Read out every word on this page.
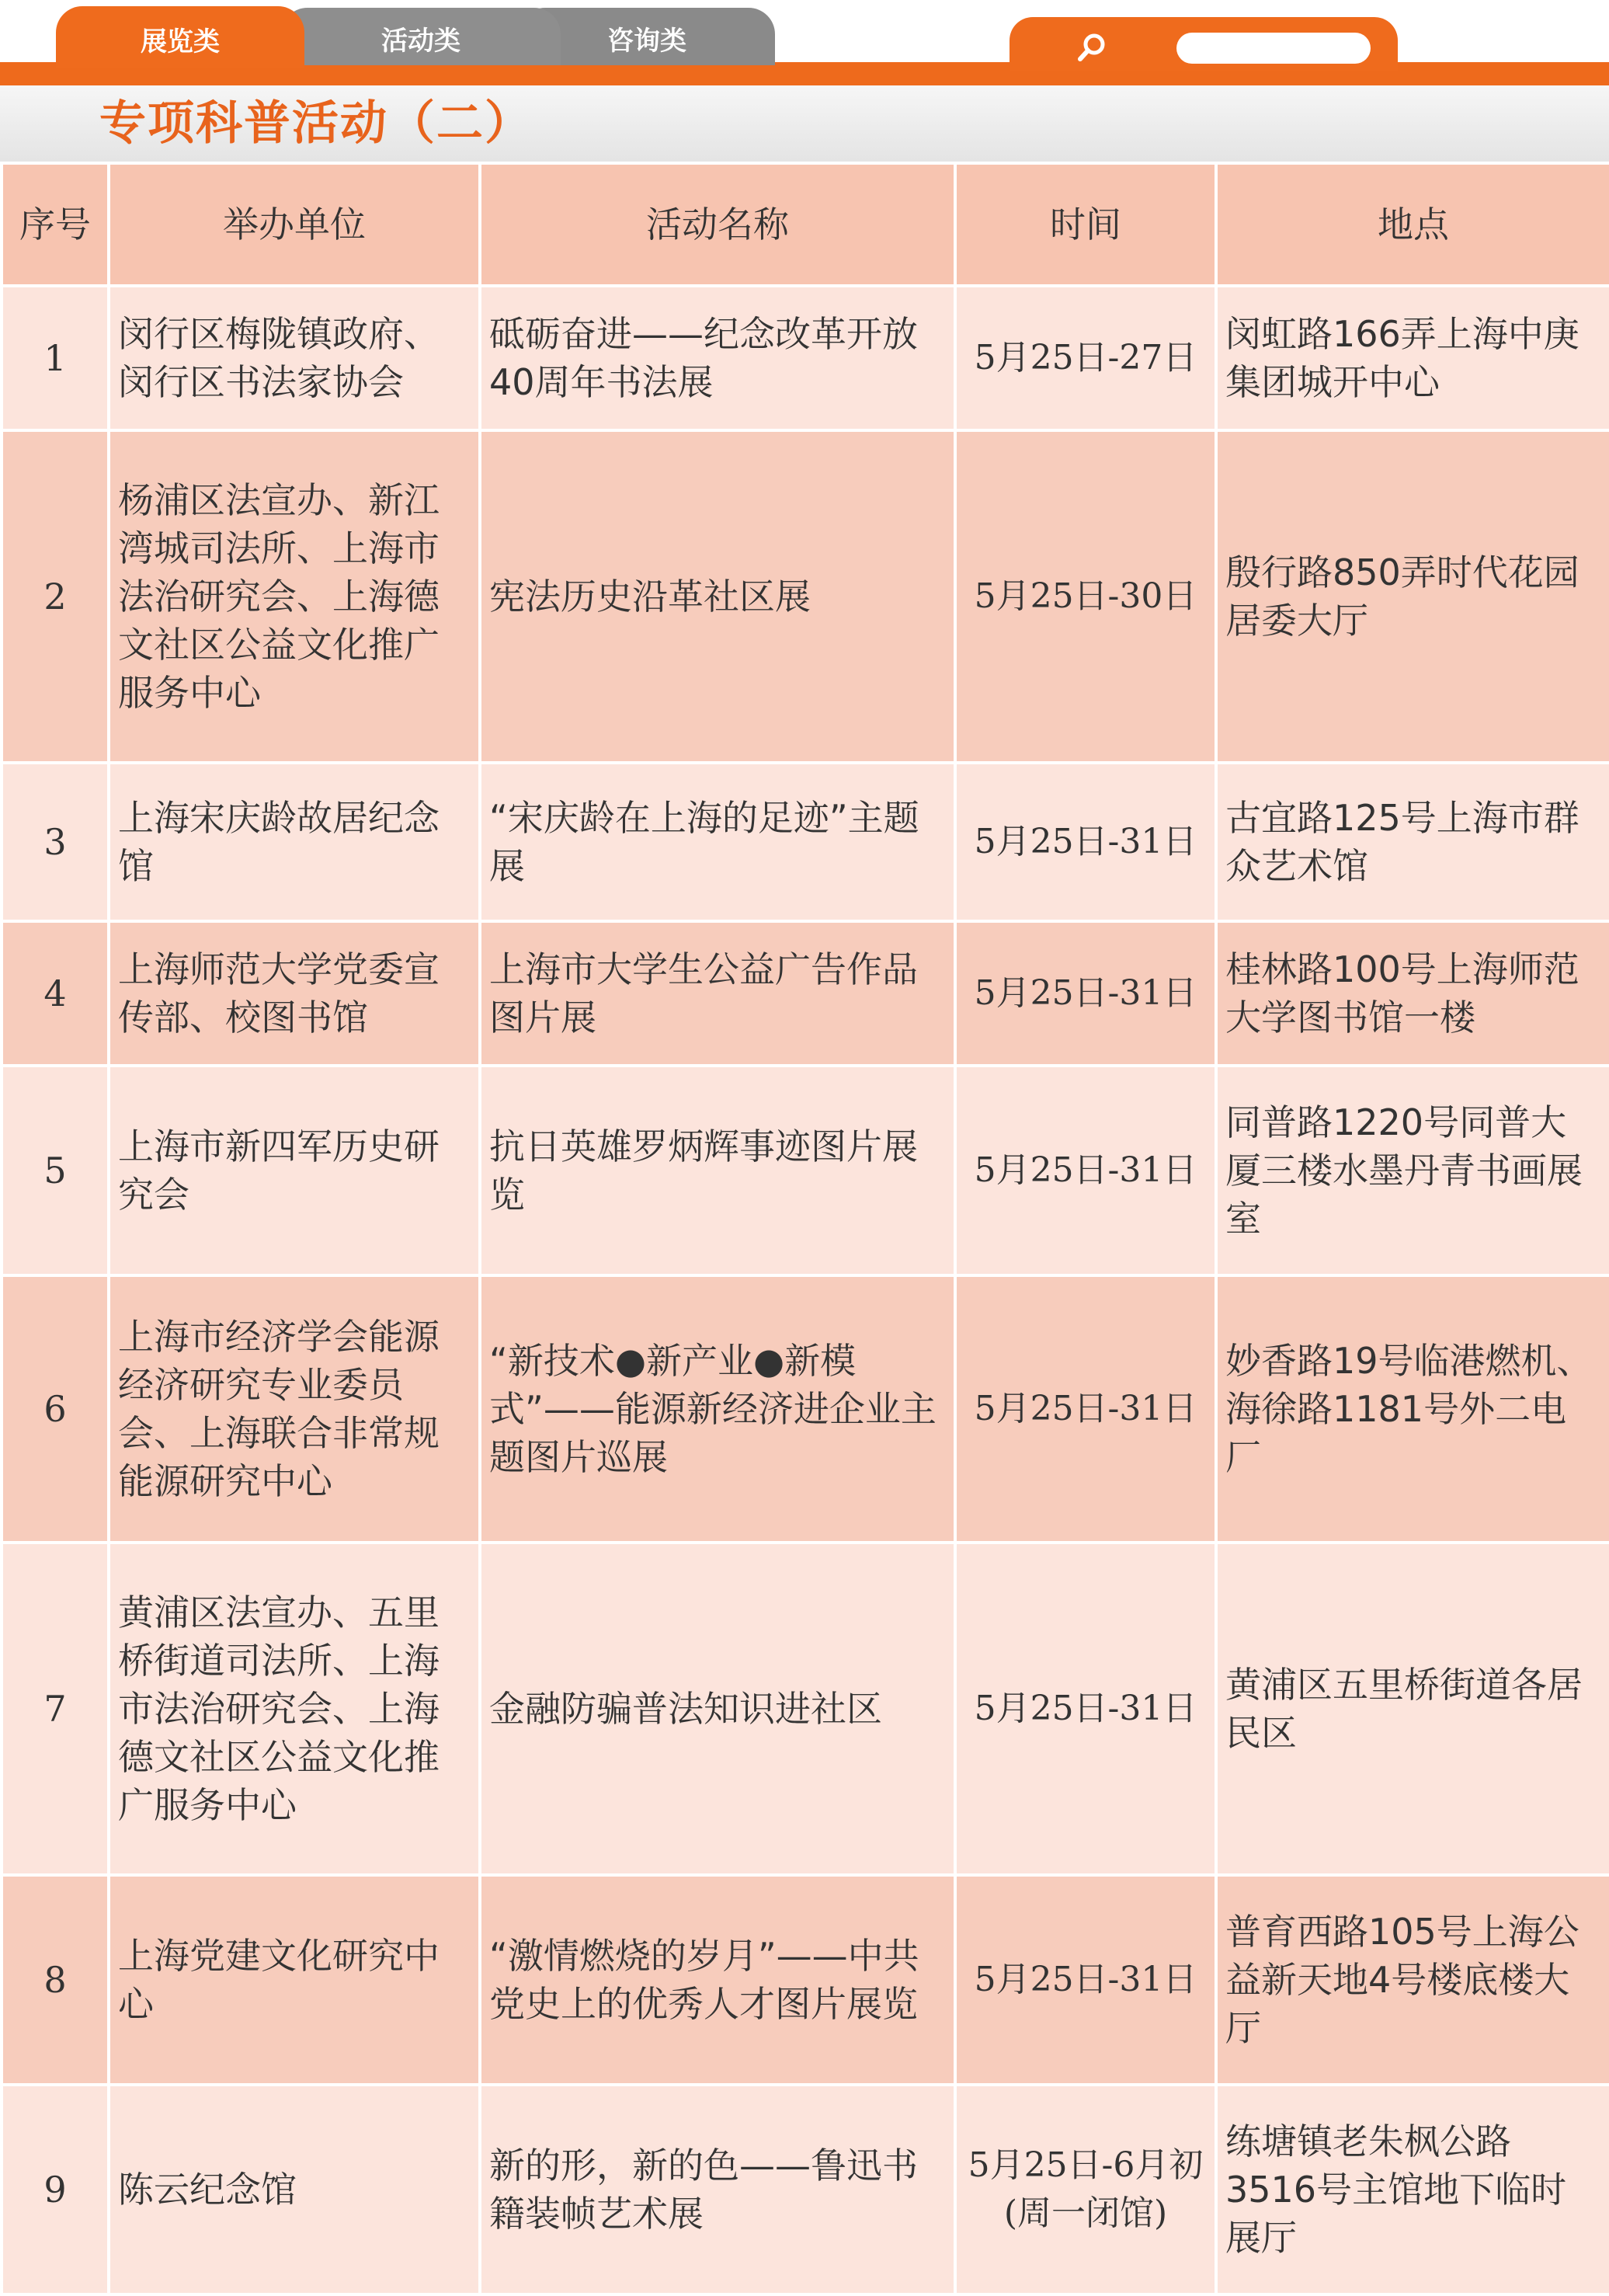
咨询类
活动类
展览类
专项科普活动（二）
序号	举办单位	活动名称	时间	地点
1	闵行区梅陇镇政府、闵行区书法家协会	砥砺奋进——纪念改革开放40周年书法展	5月25日-27日	闵虹路166弄上海中庚集团城开中心
2	杨浦区法宣办、新江湾城司法所、上海市法治研究会、上海德文社区公益文化推广服务中心	宪法历史沿革社区展	5月25日-30日	殷行路850弄时代花园居委大厅
3	上海宋庆龄故居纪念馆	“宋庆龄在上海的足迹”主题展	5月25日-31日	古宜路125号上海市群众艺术馆
4	上海师范大学党委宣传部、校图书馆	上海市大学生公益广告作品图片展	5月25日-31日	桂林路100号上海师范大学图书馆一楼
5	上海市新四军历史研究会	抗日英雄罗炳辉事迹图片展览	5月25日-31日	同普路1220号同普大厦三楼水墨丹青书画展室
6	上海市经济学会能源经济研究专业委员会、上海联合非常规能源研究中心	“新技术●新产业●新模式”——能源新经济进企业主题图片巡展	5月25日-31日	妙香路19号临港燃机、海徐路1181号外二电厂
7	黄浦区法宣办、五里桥街道司法所、上海市法治研究会、上海德文社区公益文化推广服务中心	金融防骗普法知识进社区	5月25日-31日	黄浦区五里桥街道各居民区
8	上海党建文化研究中心	“激情燃烧的岁月”——中共党史上的优秀人才图片展览	5月25日-31日	普育西路105号上海公益新天地4号楼底楼大厅
9	陈云纪念馆	新的形，新的色——鲁迅书籍装帧艺术展	5月25日-6月初(周一闭馆)	练塘镇老朱枫公路3516号主馆地下临时展厅
